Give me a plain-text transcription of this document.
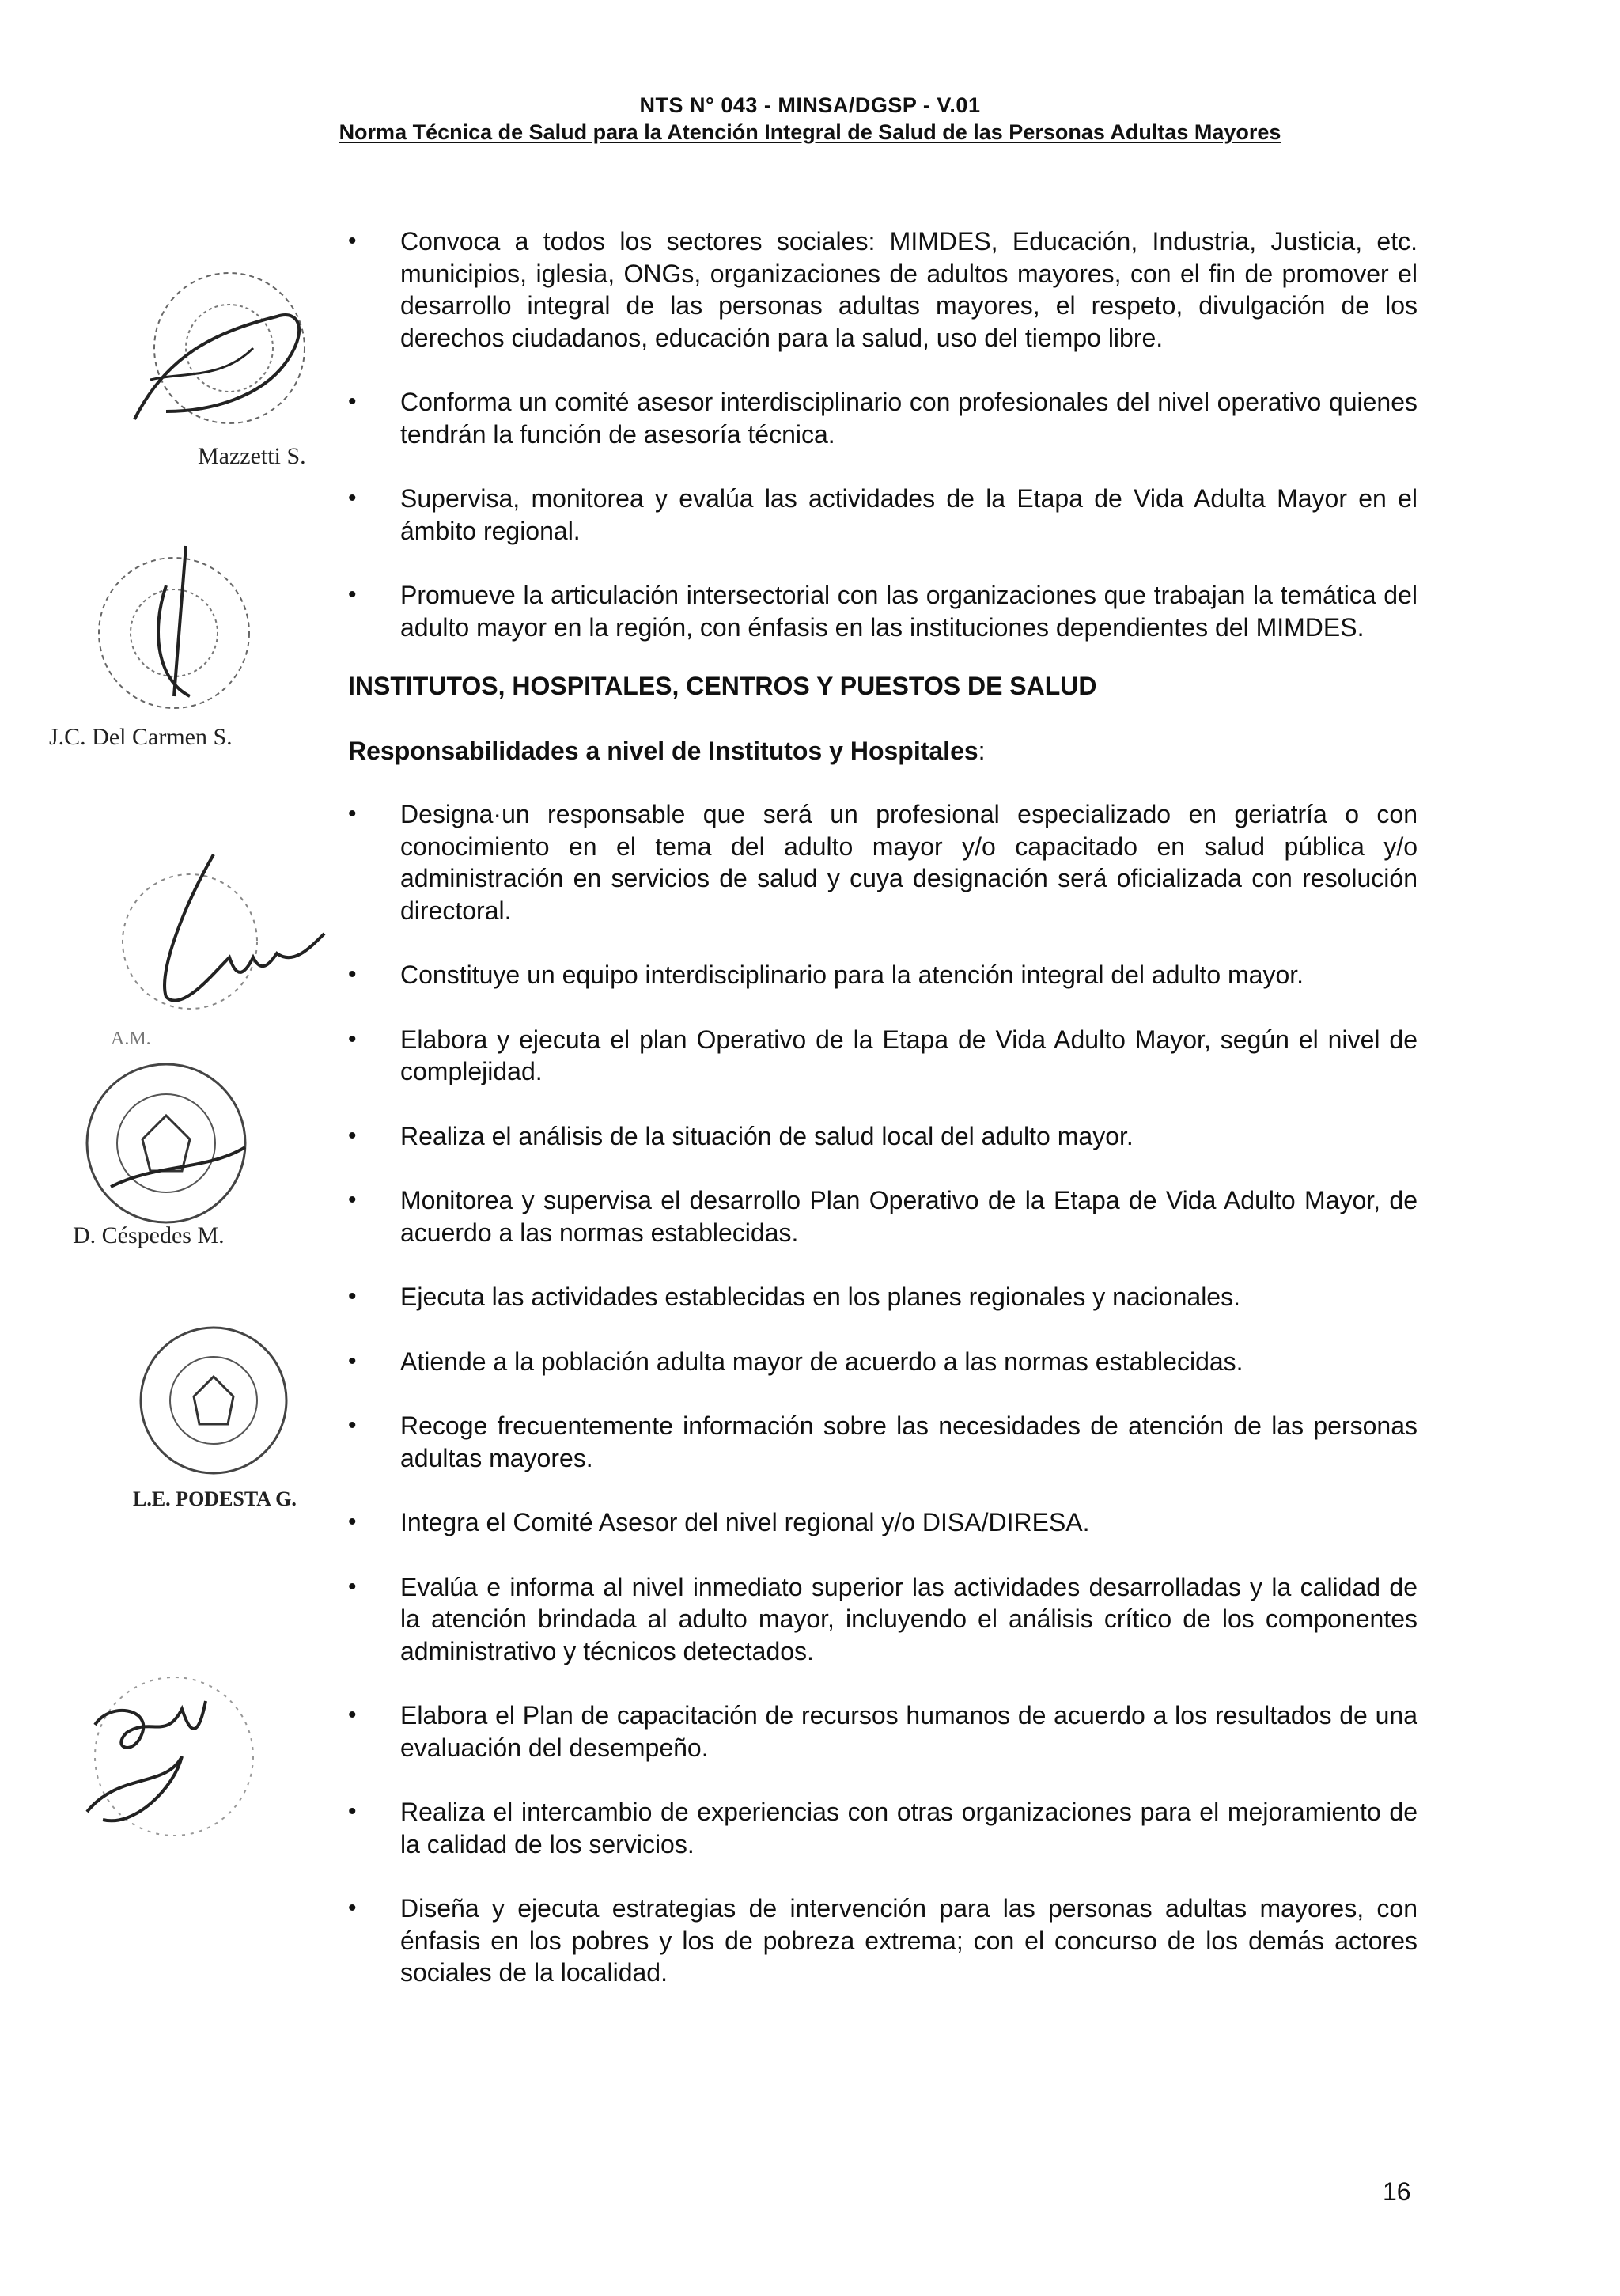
NTS N° 043 - MINSA/DGSP - V.01
Norma Técnica de Salud para la Atención Integral de Salud de las Personas Adultas Mayores
Mazzetti S.
J.C. Del Carmen S.
A.M.
D. Céspedes M.
L.E. PODESTA G.
• Convoca a todos los sectores sociales: MIMDES, Educación, Industria, Justicia, etc. municipios, iglesia, ONGs, organizaciones de adultos mayores, con el fin de promover el desarrollo integral de las personas adultas mayores, el respeto, divulgación de los derechos ciudadanos, educación para la salud, uso del tiempo libre.
• Conforma un comité asesor interdisciplinario con profesionales del nivel operativo quienes tendrán la función de asesoría técnica.
• Supervisa, monitorea y evalúa las actividades de la Etapa de Vida Adulta Mayor en el ámbito regional.
• Promueve la articulación intersectorial con las organizaciones que trabajan la temática del adulto mayor en la región, con énfasis en las instituciones dependientes del MIMDES.
INSTITUTOS, HOSPITALES, CENTROS Y PUESTOS DE SALUD
Responsabilidades a nivel de Institutos y Hospitales:
• Designa·un responsable que será un profesional especializado en geriatría o con conocimiento en el tema del adulto mayor y/o capacitado en salud pública y/o administración en servicios de salud y cuya designación será oficializada con resolución directoral.
• Constituye un equipo interdisciplinario para la atención integral del adulto mayor.
• Elabora y ejecuta el plan Operativo de la Etapa de Vida Adulto Mayor, según el nivel de complejidad.
• Realiza el análisis de la situación de salud local del adulto mayor.
• Monitorea y supervisa el desarrollo Plan Operativo de la Etapa de Vida Adulto Mayor, de acuerdo a las normas establecidas.
• Ejecuta las actividades establecidas en los planes regionales y nacionales.
• Atiende a la población adulta mayor de acuerdo a las normas establecidas.
• Recoge frecuentemente información sobre las necesidades de atención de las personas adultas mayores.
• Integra el Comité Asesor del nivel regional y/o DISA/DIRESA.
• Evalúa e informa al nivel inmediato superior las actividades desarrolladas y la calidad de la atención brindada al adulto mayor, incluyendo el análisis crítico de los componentes administrativo y técnicos detectados.
• Elabora el Plan de capacitación de recursos humanos de acuerdo a los resultados de una evaluación del desempeño.
• Realiza el intercambio de experiencias con otras organizaciones para el mejoramiento de la calidad de los servicios.
• Diseña y ejecuta estrategias de intervención para las personas adultas mayores, con énfasis en los pobres y los de pobreza extrema; con el concurso de los demás actores sociales de la localidad.
16
